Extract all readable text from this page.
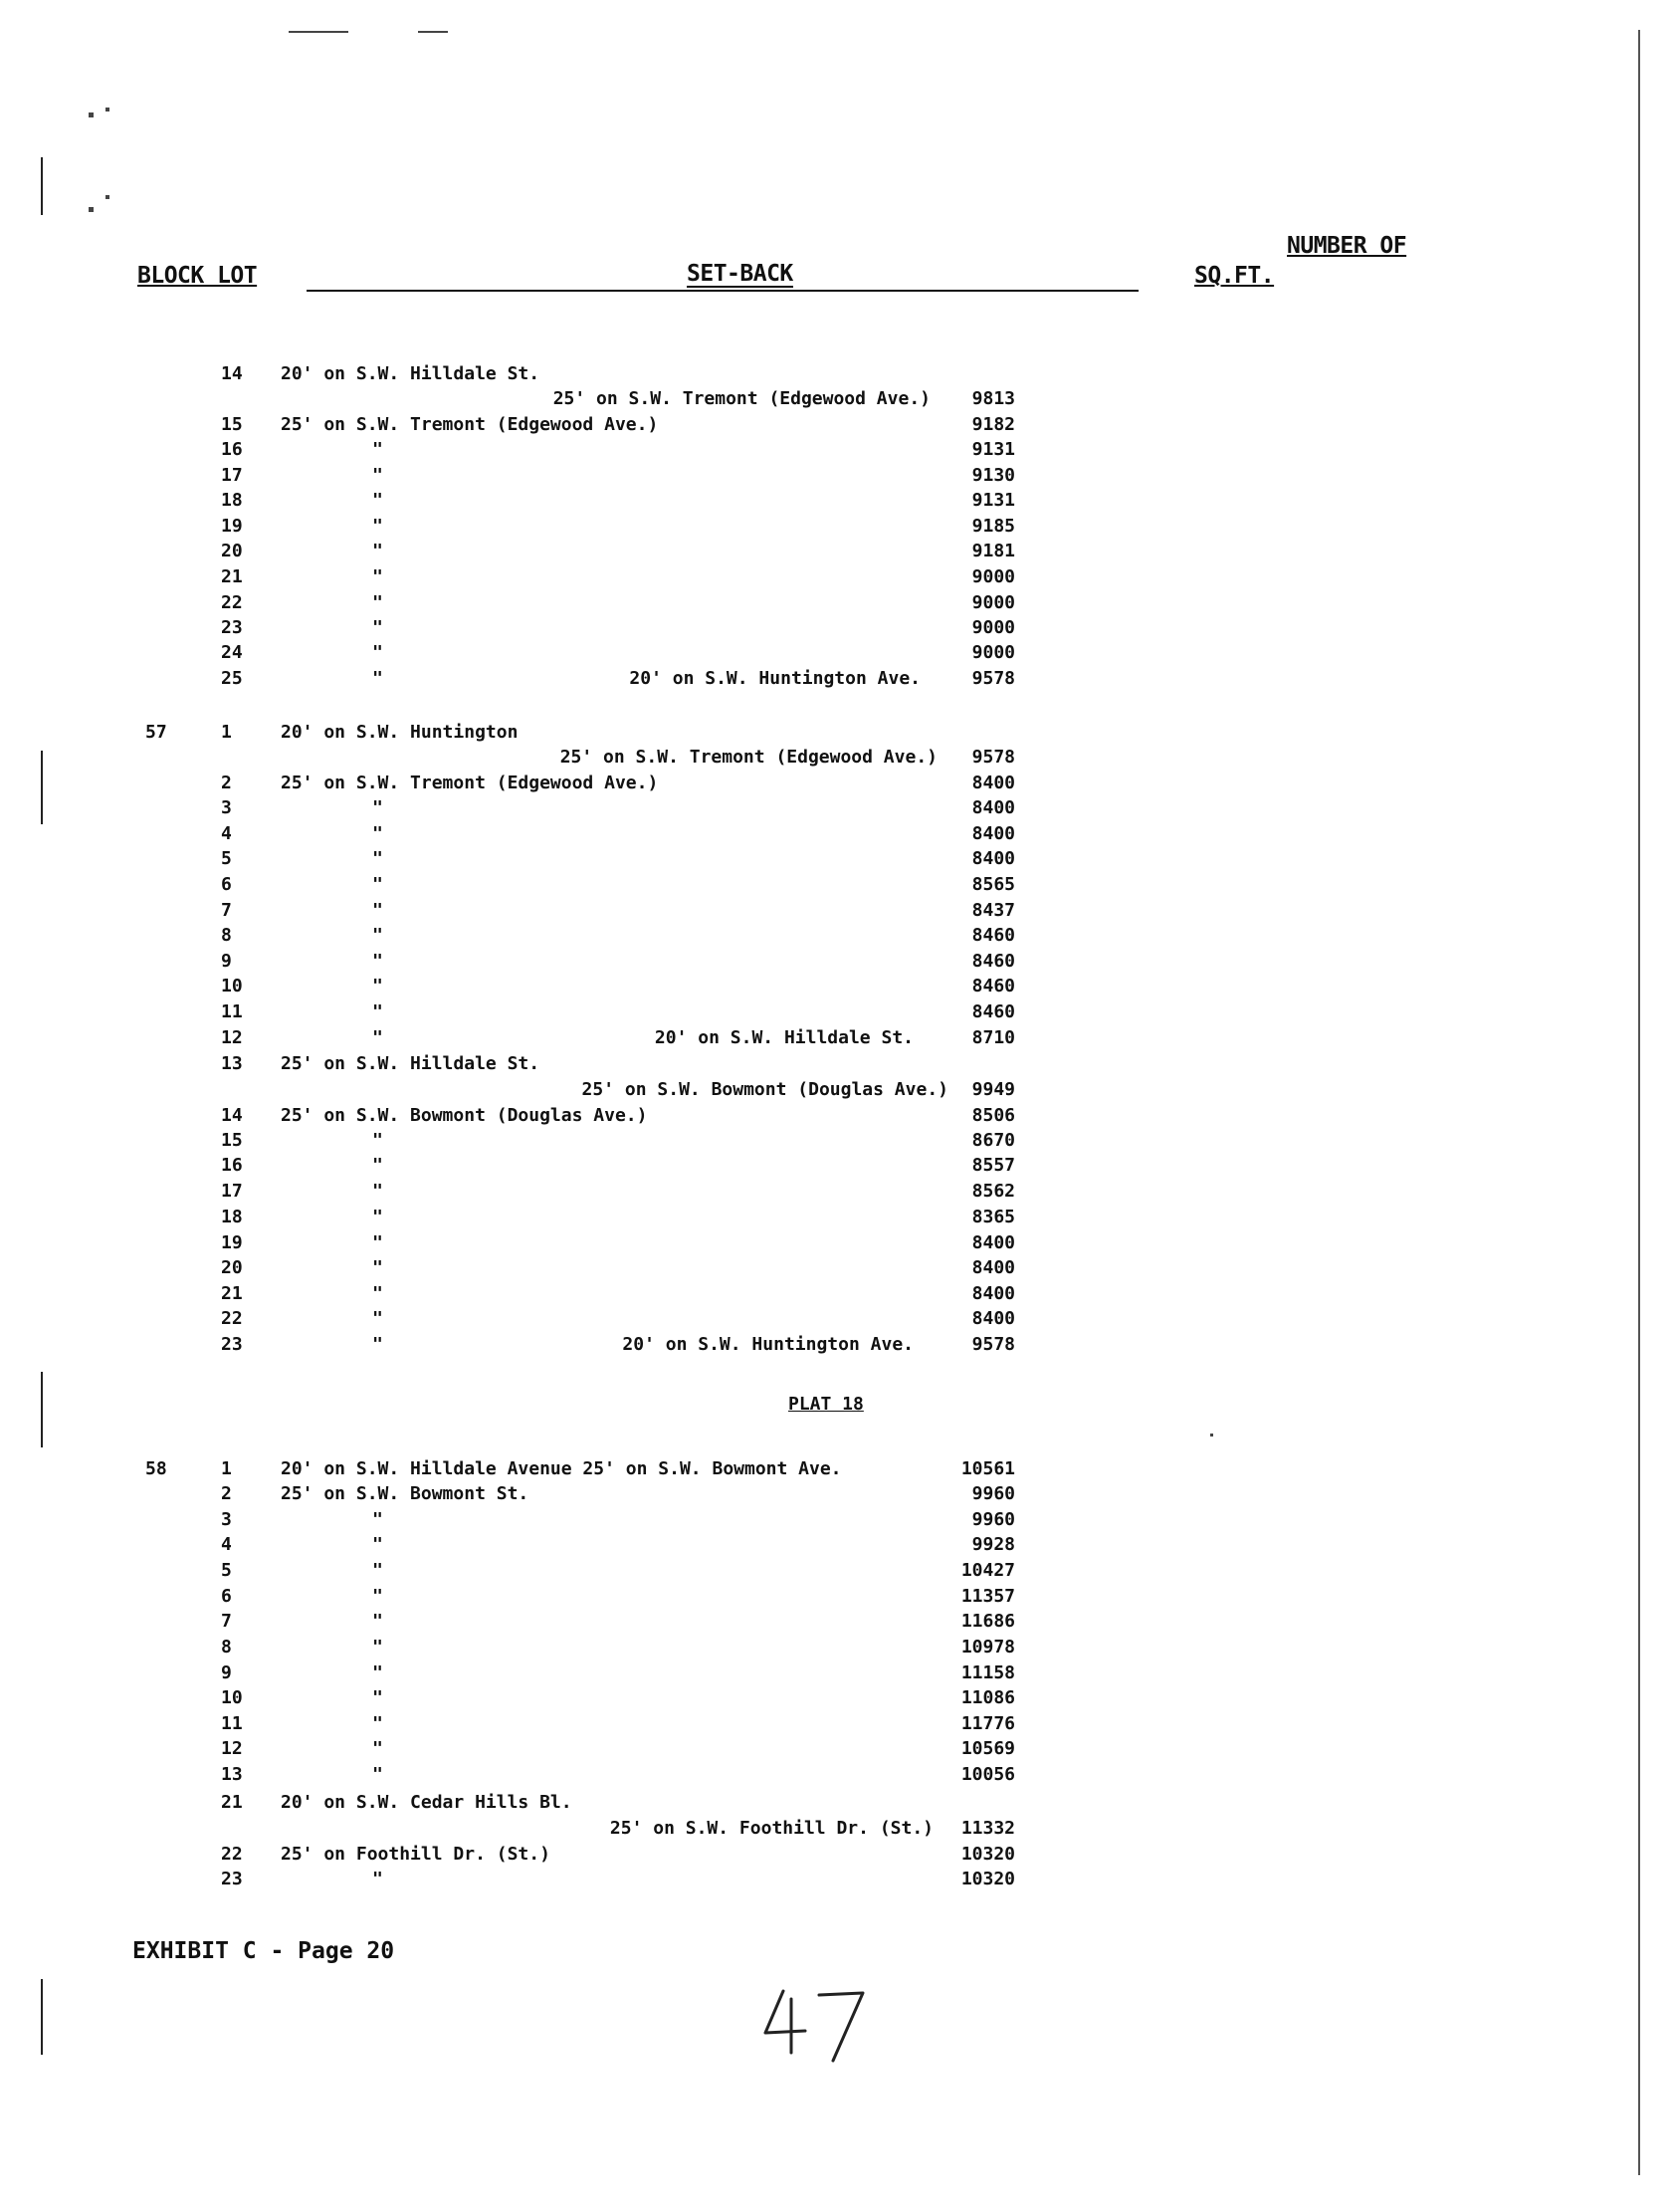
BLOCK LOT	SET-BACK
NUMBER OF
SQ.FT.
14 20' on S.W. Hilldale St.
25' on S.W. Tremont (Edgewood Ave.) 9813
15 25' on S.W. Tremont (Edgewood Ave.)	9182
16	"	9131
17	"	9130
18	"	9131
19	"	9185
20	"	9181
21	"	9000
22	"	9000
23	"	9000
24	"	9000
25	"	20' on S.W. Huntington Ave.	9578
57	1	20' on S.W. Huntington
25' on S.W. Tremont (Edgewood Ave.) 9578
2	25' on S.W. Tremont (Edgewood Ave.)	8400
3	"	8400
4	"	8400
5	"	8400
6	"	8565
7	"	8437
8	"	8460
9	"	8460
10	"	8460
11	"	8460
12	"	20' on S.W. Hilldale St.	8710
13 25' on S.W. Hilldale St.
25' on S.W. Bowmont (Douglas Ave.) 9949
14 25' on S.W. Bowmont (Douglas Ave.)	8506
15	"	8670
16	"	8557
17	"	8562
18	"	8365
19	"	8400
20	"	8400
21	"	8400
22	"	8400
23	"	20' on S.W. Huntington Ave.	9578
58	1	20' on S.W. Hilldale Avenue 25' on S.W. Bowmont Ave.	10561
2	25' on S.W. Bowmont St.	9960
3	"	9960
4	"	9928
5	"	10427
6	"	11357
7	"	11686
8	"	10978
9	"	11158
10	"	11086
11	"	11776
12	"	10569
13	"	10056
21 20' on S.W. Cedar Hills Bl.
25' on S.W. Foothill Dr. (St.) 11332
22 25' on Foothill Dr. (St.)	10320
23	"	10320
PLAT 18
EXHIBIT C - Page 20
